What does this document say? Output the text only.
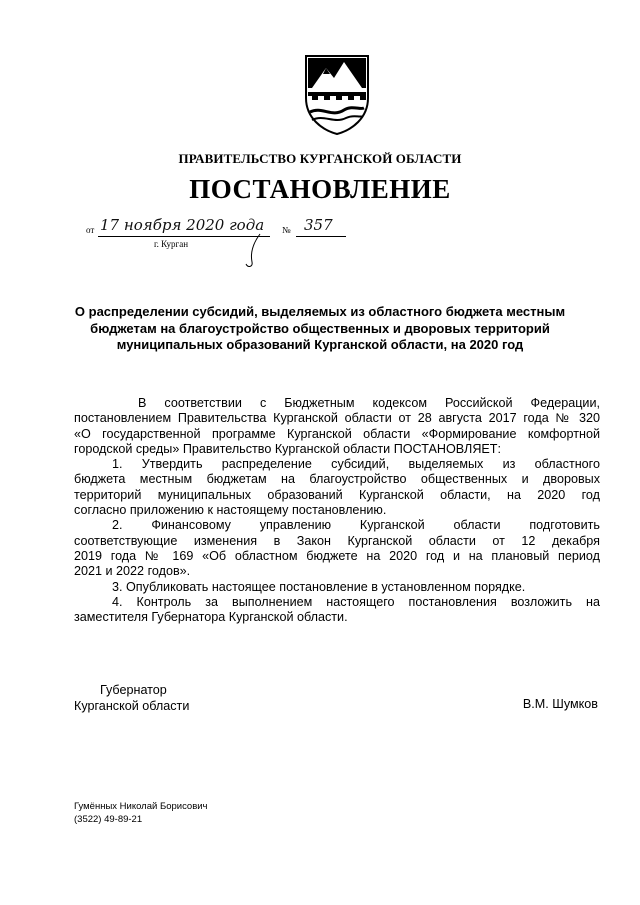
ПРАВИТЕЛЬСТВО КУРГАНСКОЙ ОБЛАСТИ
ПОСТАНОВЛЕНИЕ
от 17 ноября 2020 года № 357
г. Курган
О распределении субсидий, выделяемых из областного бюджета местным
бюджетам на благоустройство общественных и дворовых территорий
муниципальных образований Курганской области, на 2020 год
В соответствии с Бюджетным кодексом Российской Федерации,
постановлением Правительства Курганской области от 28 августа 2017 года № 320
«О государственной программе Курганской области «Формирование комфортной
городской среды» Правительство Курганской области ПОСТАНОВЛЯЕТ:
1. Утвердить распределение субсидий, выделяемых из областного
бюджета местным бюджетам на благоустройство общественных и дворовых
территорий муниципальных образований Курганской области, на 2020 год
согласно приложению к настоящему постановлению.
2. Финансовому управлению Курганской области подготовить
соответствующие изменения в Закон Курганской области от 12 декабря
2019 года № 169 «Об областном бюджете на 2020 год и на плановый период
2021 и 2022 годов».
3. Опубликовать настоящее постановление в установленном порядке.
4. Контроль за выполнением настоящего постановления возложить на
заместителя Губернатора Курганской области.
Губернатор
Курганской области	В.М. Шумков
Гумённых Николай Борисович
(3522) 49-89-21
